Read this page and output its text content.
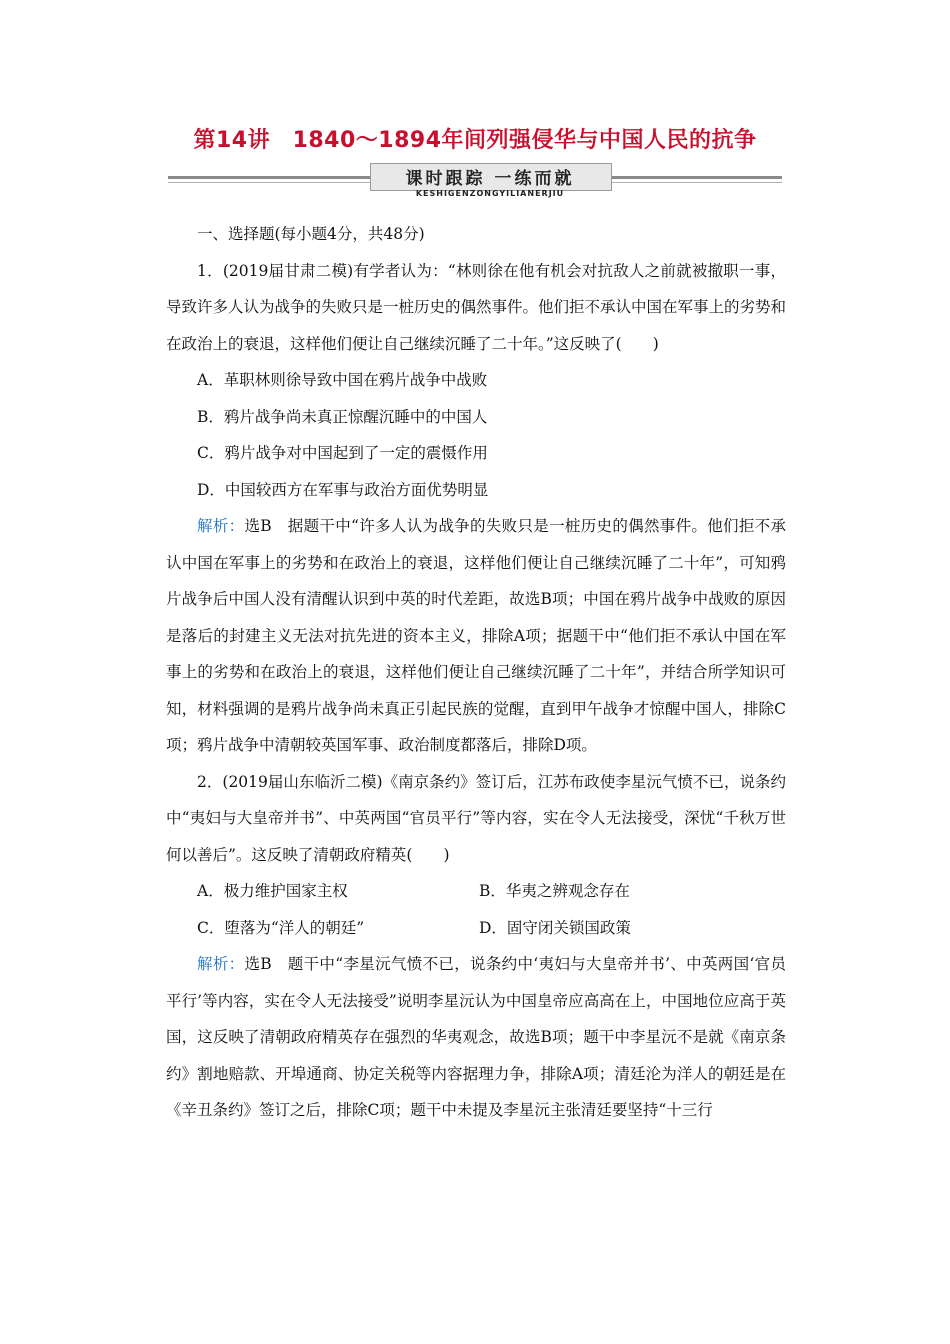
第14讲　1840～1894年间列强侵华与中国人民的抗争
课时跟踪 一练而就
KESHIGENZONGYILIANERJIU

一、选择题(每小题4分，共48分)

1．(2019届甘肃二模)有学者认为：“林则徐在他有机会对抗敌人之前就被撤职一事，导致许多人认为战争的失败只是一桩历史的偶然事件。他们拒不承认中国在军事上的劣势和在政治上的衰退，这样他们便让自己继续沉睡了二十年。”这反映了(　　)

A．革职林则徐导致中国在鸦片战争中战败

B．鸦片战争尚未真正惊醒沉睡中的中国人

C．鸦片战争对中国起到了一定的震慑作用

D．中国较西方在军事与政治方面优势明显

解析：选B　据题干中“许多人认为战争的失败只是一桩历史的偶然事件。他们拒不承认中国在军事上的劣势和在政治上的衰退，这样他们便让自己继续沉睡了二十年”，可知鸦片战争后中国人没有清醒认识到中英的时代差距，故选B项；中国在鸦片战争中战败的原因是落后的封建主义无法对抗先进的资本主义，排除A项；据题干中“他们拒不承认中国在军事上的劣势和在政治上的衰退，这样他们便让自己继续沉睡了二十年”，并结合所学知识可知，材料强调的是鸦片战争尚未真正引起民族的觉醒，直到甲午战争才惊醒中国人，排除C项；鸦片战争中清朝较英国军事、政治制度都落后，排除D项。

2．(2019届山东临沂二模)《南京条约》签订后，江苏布政使李星沅气愤不已，说条约中“夷妇与大皇帝并书”、中英两国“官员平行”等内容，实在令人无法接受，深忧“千秋万世何以善后”。这反映了清朝政府精英(　　)

A．极力维护国家主权	B．华夷之辨观念存在
C．堕落为“洋人的朝廷”	D．固守闭关锁国政策

解析：选B　题干中“李星沅气愤不已，说条约中‘夷妇与大皇帝并书’、中英两国‘官员平行’等内容，实在令人无法接受”说明李星沅认为中国皇帝应高高在上，中国地位应高于英国，这反映了清朝政府精英存在强烈的华夷观念，故选B项；题干中李星沅不是就《南京条约》割地赔款、开埠通商、协定关税等内容据理力争，排除A项；清廷沦为洋人的朝廷是在《辛丑条约》签订之后，排除C项；题干中未提及李星沅主张清廷要坚持“十三行
